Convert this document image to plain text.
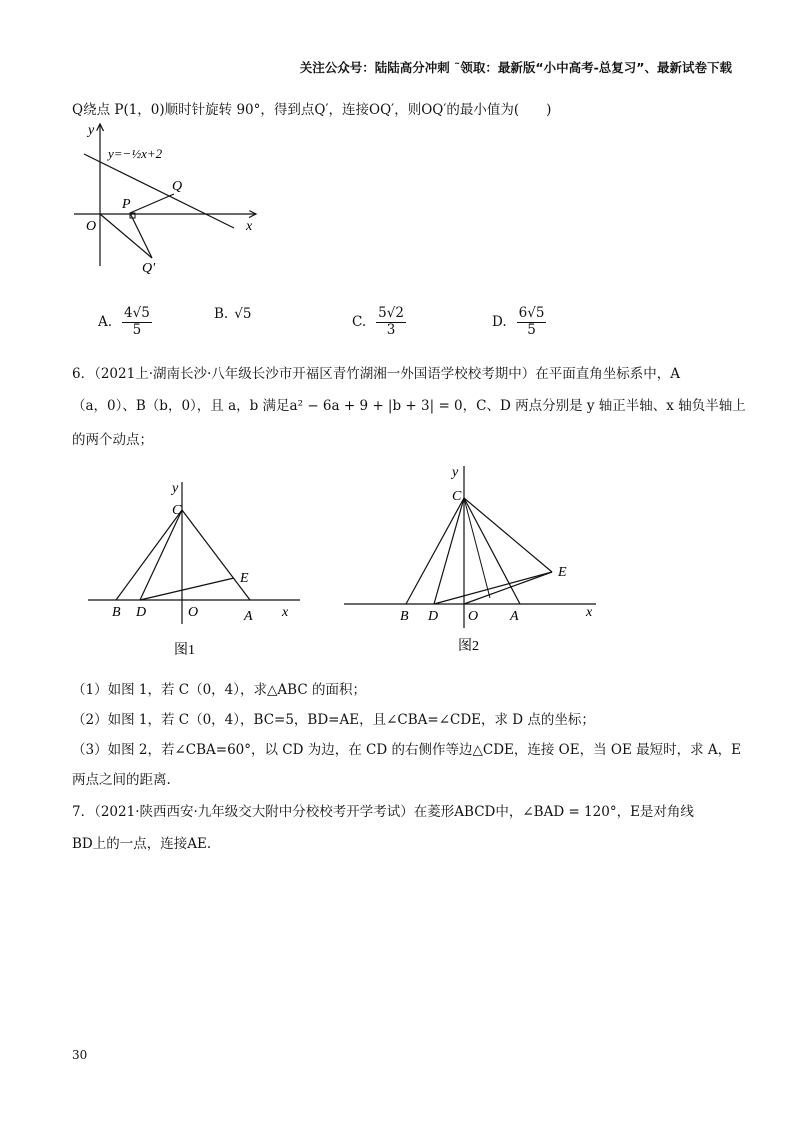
关注公众号：陆陆高分冲刺 ˜领取：最新版“小中高考-总复习”、最新试卷下载
Q绕点 P(1，0)顺时针旋转 90°，得到点Q′，连接OQ′，则OQ′的最小值为(　　)
y
x
O
P
Q
Q′
y=−½x+2
A. $\frac{4√5}{5}$	B. √5
C. $\frac{5√2}{3}$	D. $\frac{6√5}{5}$
6．（2021上·湖南长沙·八年级长沙市开福区青竹湖湘一外国语学校校考期中）在平面直角坐标系中，A
（a，0）、B（b，0），且 a，b 满足a² − 6a + 9 + |b + 3| = 0，C、D 两点分别是 y 轴正半轴、x 轴负半轴上
的两个动点；
y
C
E
B D	O	A x
图1
y
C
E
B D O A	x
图2
（1）如图 1，若 C（0，4），求△ABC 的面积；
（2）如图 1，若 C（0，4），BC=5，BD=AE，且∠CBA=∠CDE，求 D 点的坐标；
（3）如图 2，若∠CBA=60°，以 CD 为边，在 CD 的右侧作等边△CDE，连接 OE，当 OE 最短时，求 A，E
两点之间的距离.
7．（2021·陕西西安·九年级交大附中分校校考开学考试）在菱形ABCD中，∠BAD = 120°，E是对角线
BD上的一点，连接AE.
30
